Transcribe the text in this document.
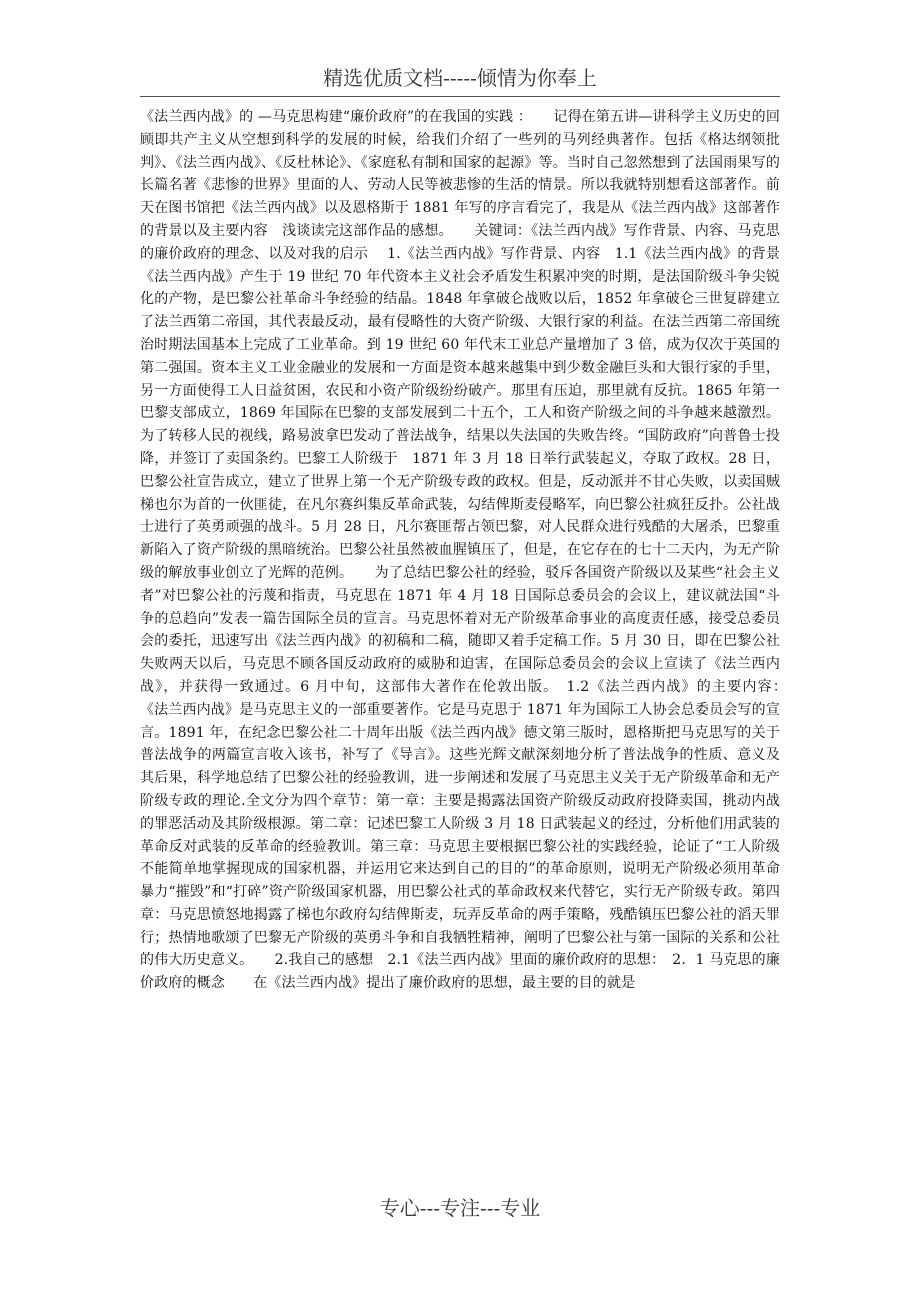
精选优质文档-----倾情为你奉上

《法兰西内战》的 —马克思构建“廉价政府”的在我国的实践 ：　　记得在第五讲—讲科学主义历史的回顾即共产主义从空想到科学的发展的时候，给我们介绍了一些列的马列经典著作。包括《格达纲领批判》、《法兰西内战》、《反杜林论》、《家庭私有制和国家的起源》等。当时自己忽然想到了法国雨果写的长篇名著《悲惨的世界》里面的人、劳动人民等被悲惨的生活的情景。所以我就特别想看这部著作。前天在图书馆把《法兰西内战》以及恩格斯于 1881 年写的序言看完了，我是从《法兰西内战》这部著作的背景以及主要内容　浅谈读完这部作品的感想。　　关键词：《法兰西内战》写作背景、内容、马克思的廉价政府的理念、以及对我的启示　 1.《法兰西内战》写作背景、内容　1.1《法兰西内战》的背景　《法兰西内战》产生于 19 世纪 70 年代资本主义社会矛盾发生积累冲突的时期，是法国阶级斗争尖锐化的产物，是巴黎公社革命斗争经验的结晶。1848 年拿破仑战败以后，1852 年拿破仑三世复辟建立了法兰西第二帝国，其代表最反动，最有侵略性的大资产阶级、大银行家的利益。在法兰西第二帝国统治时期法国基本上完成了工业革命。到 19 世纪 60 年代末工业总产量增加了 3 倍，成为仅次于英国的第二强国。资本主义工业金融业的发展和一方面是资本越来越集中到少数金融巨头和大银行家的手里，另一方面使得工人日益贫困，农民和小资产阶级纷纷破产。那里有压迫，那里就有反抗。1865 年第一巴黎支部成立，1869 年国际在巴黎的支部发展到二十五个，工人和资产阶级之间的斗争越来越激烈。为了转移人民的视线，路易波拿巴发动了普法战争，结果以失法国的失败告终。“国防政府”向普鲁士投降，并签订了卖国条约。巴黎工人阶级于　1871 年 3 月 18 日举行武装起义，夺取了政权。28 日，巴黎公社宣告成立，建立了世界上第一个无产阶级专政的政权。但是，反动派并不甘心失败，以卖国贼梯也尔为首的一伙匪徒，在凡尔赛纠集反革命武装，勾结俾斯麦侵略军，向巴黎公社疯狂反扑。公社战士进行了英勇顽强的战斗。5 月 28 日，凡尔赛匪帮占领巴黎，对人民群众进行残酷的大屠杀，巴黎重新陷入了资产阶级的黑暗统治。巴黎公社虽然被血腥镇压了，但是，在它存在的七十二天内，为无产阶级的解放事业创立了光辉的范例。　　为了总结巴黎公社的经验，驳斥各国资产阶级以及某些“社会主义者”对巴黎公社的污蔑和指责，马克思在 1871 年 4 月 18 日国际总委员会的会议上，建议就法国“斗争的总趋向”发表一篇告国际全员的宣言。马克思怀着对无产阶级革命事业的高度责任感，接受总委员会的委托，迅速写出《法兰西内战》的初稿和二稿，随即又着手定稿工作。5 月 30 日，即在巴黎公社失败两天以后，马克思不顾各国反动政府的威胁和迫害，在国际总委员会的会议上宣读了《法兰西内战》，并获得一致通过。6 月中旬，这部伟大著作在伦敦出版。　1.2《法兰西内战》的主要内容：　　《法兰西内战》是马克思主义的一部重要著作。它是马克思于 1871 年为国际工人协会总委员会写的宣言。1891 年，在纪念巴黎公社二十周年出版《法兰西内战》德文第三版时，恩格斯把马克思写的关于普法战争的两篇宣言收入该书，补写了《导言》。这些光辉文献深刻地分析了普法战争的性质、意义及其后果，科学地总结了巴黎公社的经验教训，进一步阐述和发展了马克思主义关于无产阶级革命和无产阶级专政的理论.全文分为四个章节：第一章：主要是揭露法国资产阶级反动政府投降卖国，挑动内战的罪恶活动及其阶级根源。第二章：记述巴黎工人阶级 3 月 18 日武装起义的经过，分析他们用武装的革命反对武装的反革命的经验教训。第三章：马克思主要根据巴黎公社的实践经验，论证了“工人阶级不能简单地掌握现成的国家机器，并运用它来达到自己的目的”的革命原则，说明无产阶级必须用革命暴力“摧毁”和“打碎”资产阶级国家机器，用巴黎公社式的革命政权来代替它，实行无产阶级专政。第四章：马克思愤怒地揭露了梯也尔政府勾结俾斯麦，玩弄反革命的两手策略，残酷镇压巴黎公社的滔天罪行；热情地歌颂了巴黎无产阶级的英勇斗争和自我牺牲精神，阐明了巴黎公社与第一国际的关系和公社的伟大历史意义。　　2.我自己的感想　2.1《法兰西内战》里面的廉价政府的思想：　2．1 马克思的廉价政府的概念　　在《法兰西内战》提出了廉价政府的思想，最主要的目的就是

专心---专注---专业
